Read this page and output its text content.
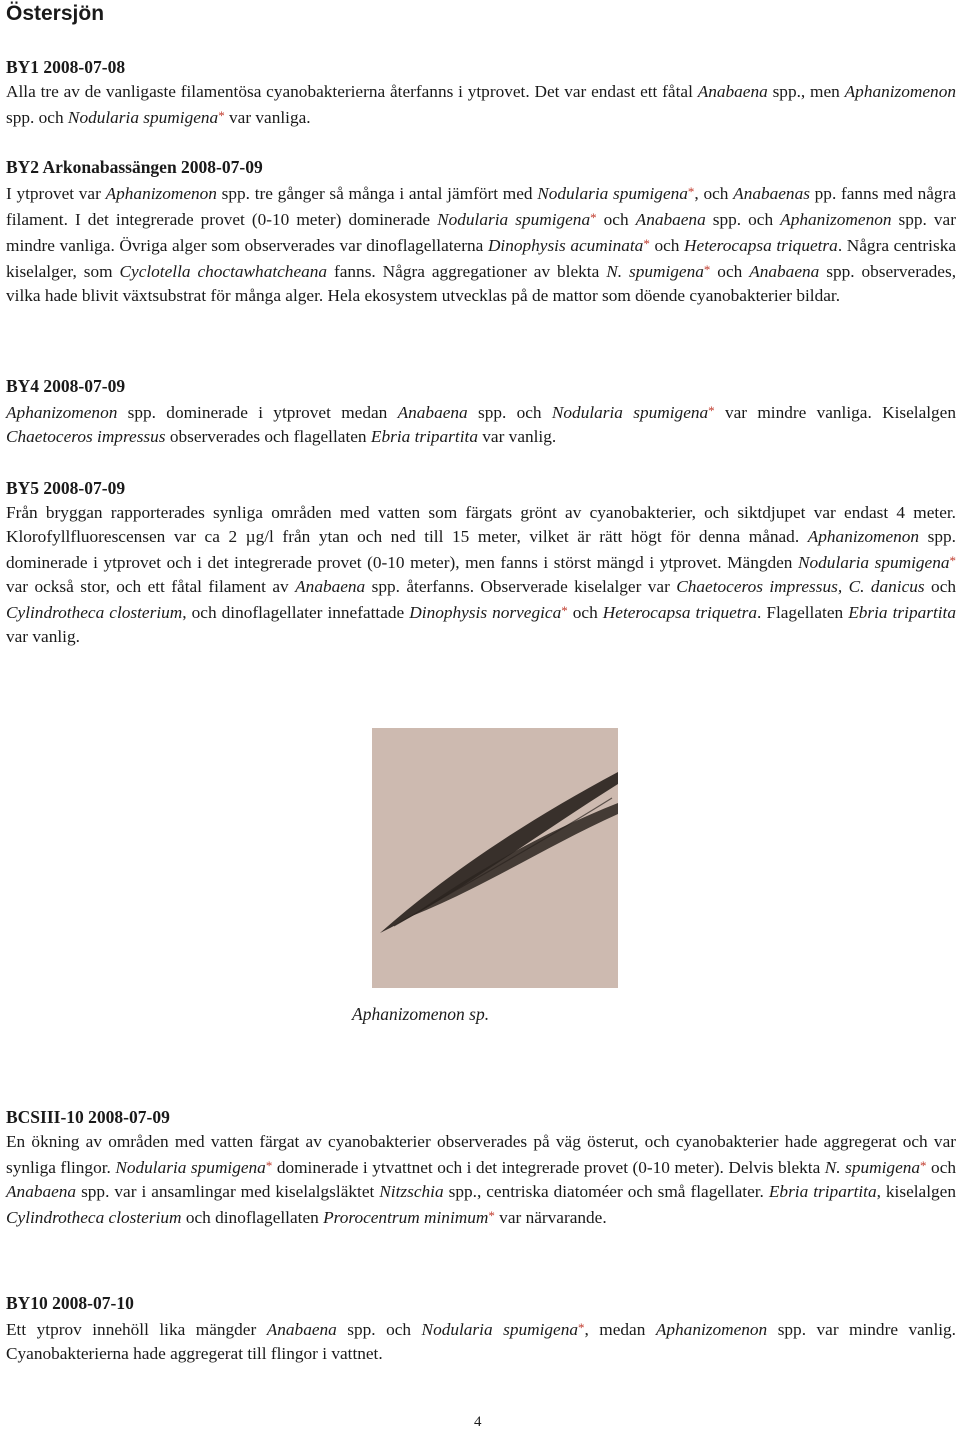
Östersjön
BY1 2008-07-08

Alla tre av de vanligaste filamentösa cyanobakterierna återfanns i ytprovet. Det var endast ett fåtal Anabaena spp., men Aphanizomenon spp. och Nodularia spumigena* var vanliga.

BY2 Arkonabassängen 2008-07-09

I ytprovet var Aphanizomenon spp. tre gånger så många i antal jämfört med Nodularia spumigena*, och Anabaenas pp. fanns med några filament. I det integrerade provet (0-10 meter) dominerade Nodularia spumigena* och Anabaena spp. och Aphanizomenon spp. var mindre vanliga. Övriga alger som observerades var dinoflagellaterna Dinophysis acuminata* och Heterocapsa triquetra. Några centriska kiselalger, som Cyclotella choctawhatcheana fanns. Några aggregationer av blekta N. spumigena* och Anabaena spp. observerades, vilka hade blivit växtsubstrat för många alger. Hela ekosystem utvecklas på de mattor som döende cyanobakterier bildar.

BY4 2008-07-09

Aphanizomenon spp. dominerade i ytprovet medan Anabaena spp. och Nodularia spumigena* var mindre vanliga. Kiselalgen Chaetoceros impressus observerades och flagellaten Ebria tripartita var vanlig.

BY5 2008-07-09

Från bryggan rapporterades synliga områden med vatten som färgats grönt av cyanobakterier, och siktdjupet var endast 4 meter. Klorofyllfluorescensen var ca 2 µg/l från ytan och ned till 15 meter, vilket är rätt högt för denna månad. Aphanizomenon spp. dominerade i ytprovet och i det integrerade provet (0-10 meter), men fanns i störst mängd i ytprovet. Mängden Nodularia spumigena* var också stor, och ett fåtal filament av Anabaena spp. återfanns. Observerade kiselalger var Chaetoceros impressus, C. danicus och Cylindrotheca closterium, och dinoflagellater innefattade Dinophysis norvegica* och Heterocapsa triquetra. Flagellaten Ebria tripartita var vanlig.

Aphanizomenon sp.
BCSIII-10 2008-07-09

En ökning av områden med vatten färgat av cyanobakterier observerades på väg österut, och cyanobakterier hade aggregerat och var synliga flingor. Nodularia spumigena* dominerade i ytvattnet och i det integrerade provet (0-10 meter). Delvis blekta N. spumigena* och Anabaena spp. var i ansamlingar med kiselalgsläktet Nitzschia spp., centriska diatoméer och små flagellater. Ebria tripartita, kiselalgen Cylindrotheca closterium och dinoflagellaten Prorocentrum minimum* var närvarande.

BY10 2008-07-10

Ett ytprov innehöll lika mängder Anabaena spp. och Nodularia spumigena*, medan Aphanizomenon spp. var mindre vanlig. Cyanobakterierna hade aggregerat till flingor i vattnet.

4
